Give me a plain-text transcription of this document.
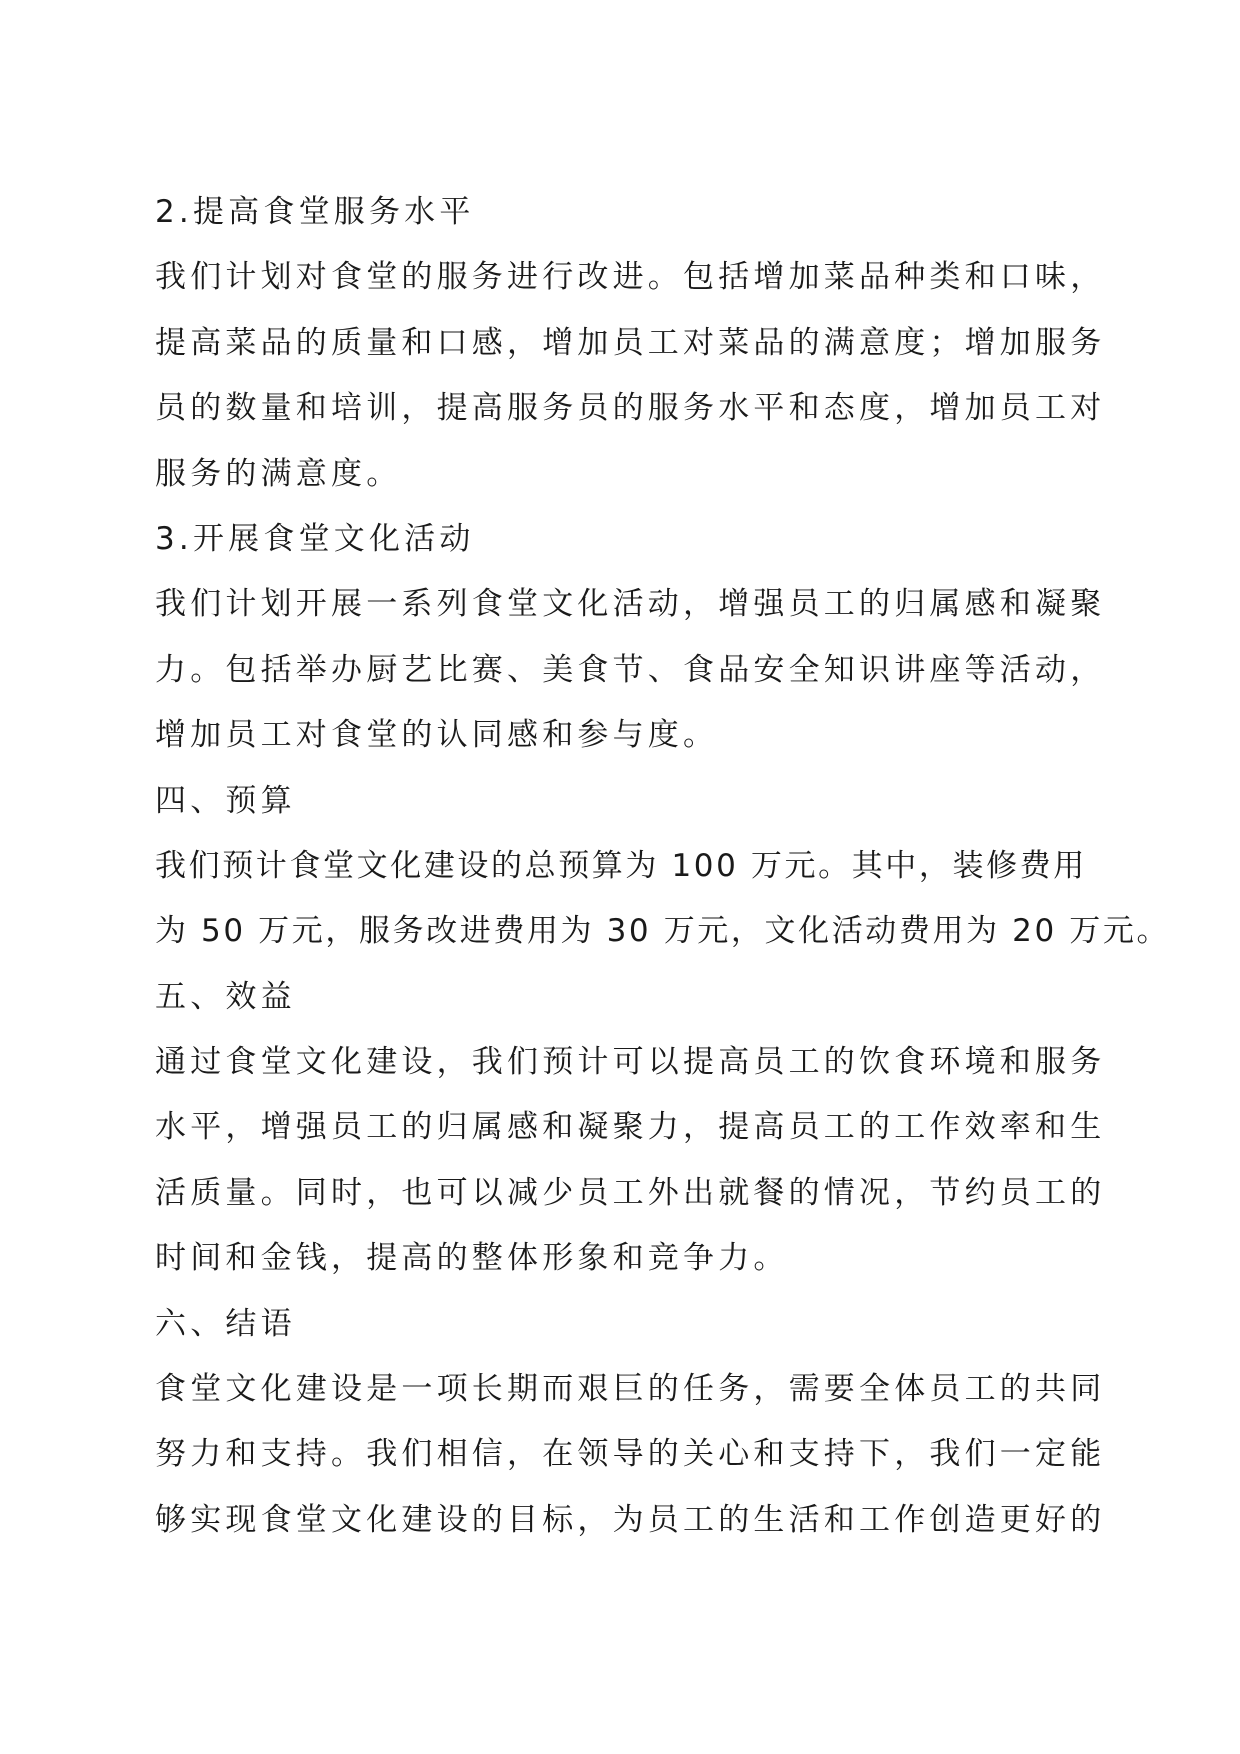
2.提高食堂服务水平
我们计划对食堂的服务进行改进。包括增加菜品种类和口味，
提高菜品的质量和口感，增加员工对菜品的满意度；增加服务
员的数量和培训，提高服务员的服务水平和态度，增加员工对
服务的满意度。
3.开展食堂文化活动
我们计划开展一系列食堂文化活动，增强员工的归属感和凝聚
力。包括举办厨艺比赛、美食节、食品安全知识讲座等活动，
增加员工对食堂的认同感和参与度。
四、预算
我们预计食堂文化建设的总预算为 100 万元。其中，装修费用
为 50 万元，服务改进费用为 30 万元，文化活动费用为 20 万元。
五、效益
通过食堂文化建设，我们预计可以提高员工的饮食环境和服务
水平，增强员工的归属感和凝聚力，提高员工的工作效率和生
活质量。同时，也可以减少员工外出就餐的情况，节约员工的
时间和金钱，提高的整体形象和竞争力。
六、结语
食堂文化建设是一项长期而艰巨的任务，需要全体员工的共同
努力和支持。我们相信，在领导的关心和支持下，我们一定能
够实现食堂文化建设的目标，为员工的生活和工作创造更好的
